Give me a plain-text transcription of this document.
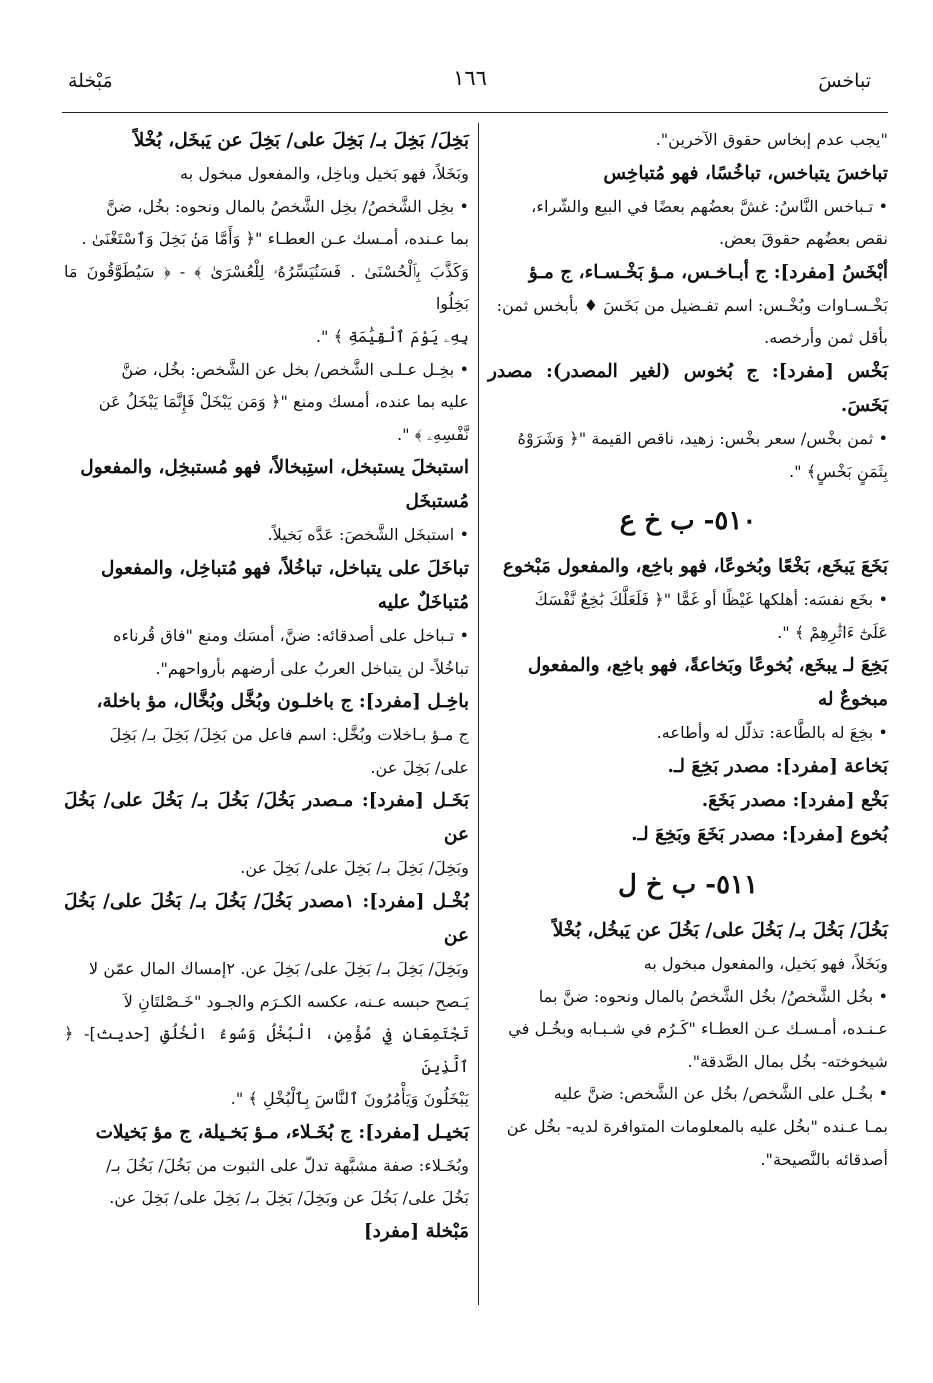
مَبْخلة	١٦٦	تباخسَ

"يجب عدم إبخاس حقوق الآخرين".

تباخسَ يتباخس، تباخُسًا، فهو مُتباخِس

• تـباخس النَّاسُ: غشَّ بعضُهم بعضًا في البيع والشّراء،

نقص بعضُهم حقوقَ بعض.

أبْخَسُ [مفرد]: ج أبـاخـس، مـؤ بَخْـسـاء، ج مـؤ

بَخْـسـاوات وبُخْـس: اسم تفـضيل من بَخَسَ ♦ بأبخس ثمن:

بأقل ثمن وأرخصه.

بَخْس [مفرد]: ج بُخوس (لغير المصدر): مصدر بَخَسَ.

• ثمن بخْس/ سعر بخْس: زهيد، ناقص القيمة "﴿ وَشَرَوْهُ

بِثَمَنٍ بَخْسٍ﴾ ".

٥١٠- ب خ ع

بَخَعَ يَبخَع، بَخْعًا وبُخوعًا، فهو باخِع، والمفعول مَبْخوع

• بخَع نفسَه: أهلكها غَيْظًا أو غَمًّا "﴿ فَلَعَلَّكَ بَٰخِعٌ نَّفْسَكَ

عَلَىٰٓ ءَاثَٰرِهِمْ ﴾ ".

بَخِعَ لـ يبخَع، بُخوعًا وبَخاعةً، فهو باخِع، والمفعول

مبخوعٌ له

• بخِعَ له بالطَّاعة: تذلّل له وأطاعه.

بَخاعة [مفرد]: مصدر بَخِعَ لـ.

بَخْع [مفرد]: مصدر بَخَعَ.

بُخوع [مفرد]: مصدر بَخَعَ وبَخِعَ لـ.

٥١١- ب خ ل

بَخُلَ/ بَخُلَ بـ/ بَخُلَ على/ بَخُلَ عن يَبخُل، بُخْلاً

وبَخَلاً، فهو بَخيل، والمفعول مبخول به

• بخُل الشَّخصُ/ بخُل الشَّخصُ بالمال ونحوه: ضنَّ بما

عـنـده، أمـسـك عـن العطـاء "كَـرُم في شـبـابه وبخُـل في

شيخوخته- بخُل بمال الصَّدقة".

• بخُـل على الشَّخص/ بخُل عن الشَّخص: ضنَّ عليه

بمـا عـنده "بخُل عليه بالمعلومات المتوافرة لديه- بخُل عن

أصدقائه بالنَّصيحة".

بَخِلَ/ بَخِلَ بـ/ بَخِلَ على/ بَخِلَ عن يَبخَل، بُخْلاً

وبَخَلاً، فهو بَخيل وباخِل، والمفعول مبخول به

• بخِل الشَّخصُ/ بخِل الشَّخصُ بالمال ونحوه: بخُل، ضنَّ

بما عـنده، أمـسك عـن العطـاء "﴿ وَأَمَّا مَنۢ بَخِلَ وَٱسْتَغْنَىٰ .

وَكَذَّبَ بِٱلْحُسْنَىٰ . فَسَنُيَسِّرُهُۥ لِلْعُسْرَىٰ ﴾ - ﴿ سَيُطَوَّقُونَ مَا بَخِلُوا

بِهِۦ يَوْمَ ٱلْقِيَٰمَةِ ﴾ ".

• بخِـل عـلـى الشَّخص/ بخل عن الشَّخص: بخُل، ضنَّ

عليه بما عنده، أمسك ومنع "﴿ وَمَن يَبْخَلْ فَإِنَّمَا يَبْخَلُ عَن

نَّفْسِهِۦ ﴾ ".

استبخلَ يستبخل، استِبخالاً، فهو مُستبخِل، والمفعول

مُستبخَل

• استبخَل الشَّخصَ: عَدَّه بَخيلاً.

تباخَلَ على يتباخل، تباخُلاً، فهو مُتباخِل، والمفعول

مُتباخَلٌ عليه

• تـباخل على أصدقائه: ضنَّ، أمسَك ومنع "فاق قُرناءه

تباخُلاً- لن يتباخل العربُ على أرضهم بأرواحهم".

باخِـل [مفرد]: ج باخلـون وبُخَّل وبُخَّال، مؤ باخلة،

ج مـؤ بـاخلات وبُخَّل: اسم فاعل من بَخِلَ/ بَخِلَ بـ/ بَخِلَ

على/ بَخِلَ عن.

بَخَـل [مفرد]: مـصدر بَخُلَ/ بَخُلَ بـ/ بَخُلَ على/ بَخُلَ عن

وبَخِلَ/ بَخِلَ بـ/ بَخِلَ على/ بَخِلَ عن.

بُخْـل [مفرد]: ١مصدر بَخُلَ/ بَخُلَ بـ/ بَخُلَ على/ بَخُلَ عن

وبَخِلَ/ بَخِلَ بـ/ بَخِلَ على/ بَخِلَ عن. ٢إمساك المال عمّن لا

يَـصح حبسه عـنه، عكسه الكـرَم والجـود "خَـصْلتَانِ لاَ

تَجْتَمِعَانِ فِي مُؤْمِنٍ، الْبُخْلُ وَسُوءُ الْخُلُقِ [حديث]- ﴿ ٱلَّذِينَ

يَبْخَلُونَ وَيَأْمُرُونَ ٱلنَّاسَ بِٱلْبُخْلِ ﴾ ".

بَخيـل [مفرد]: ج بُخَـلاء، مـؤ بَخـيلة، ج مؤ بَخيلات

وبُخَـلاء: صفة مشبَّهة تدلّ على الثبوت من بَخُلَ/ بَخُلَ بـ/

بَخُلَ على/ بَخُلَ عن وبَخِلَ/ بَخِلَ بـ/ بَخِلَ على/ بَخِلَ عن.

مَبْخلة [مفرد]
